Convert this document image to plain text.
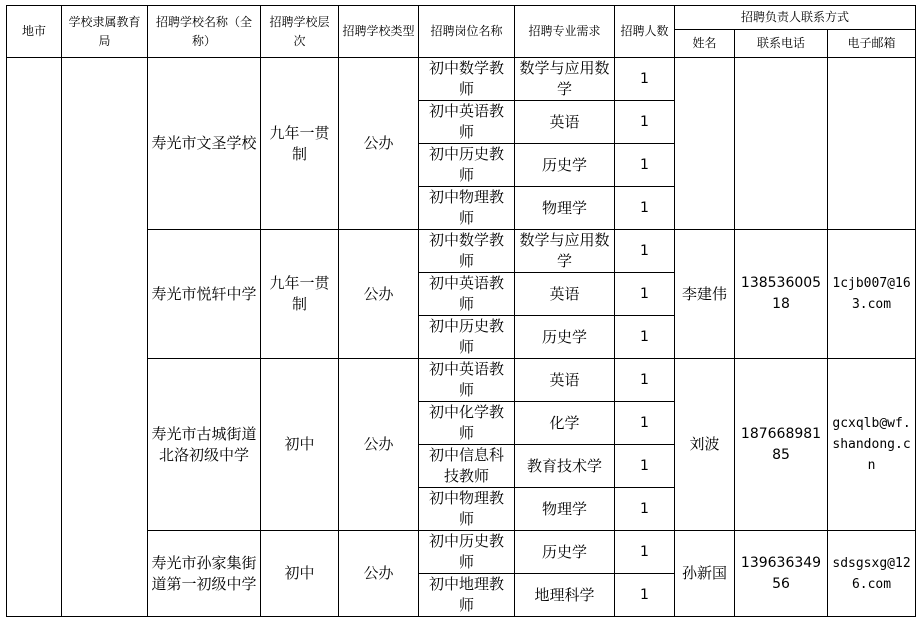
地市	学校隶属教育局	招聘学校名称（全称）	招聘学校层次	招聘学校类型	招聘岗位名称	招聘专业需求	招聘人数	招聘负责人联系方式		
								姓名	联系电话	电子邮箱
		寿光市文圣学校	九年一贯制	公办	初中数学教师	数学与应用数学	1			
					初中英语教师	英语	1			
					初中历史教师	历史学	1			
					初中物理教师	物理学	1			
		寿光市悦轩中学	九年一贯制	公办	初中数学教师	数学与应用数学	1	李建伟	13853600518	1cjb007@163.com
					初中英语教师	英语	1			
					初中历史教师	历史学	1			
		寿光市古城街道北洛初级中学	初中	公办	初中英语教师	英语	1	刘波	18766898185	gcxqlb@wf.shandong.cn
					初中化学教师	化学	1			
					初中信息科技教师	教育技术学	1			
					初中物理教师	物理学	1			
		寿光市孙家集街道第一初级中学	初中	公办	初中历史教师	历史学	1	孙新国	13963634956	sdsgsxg@126.com
					初中地理教师	地理科学	1			
